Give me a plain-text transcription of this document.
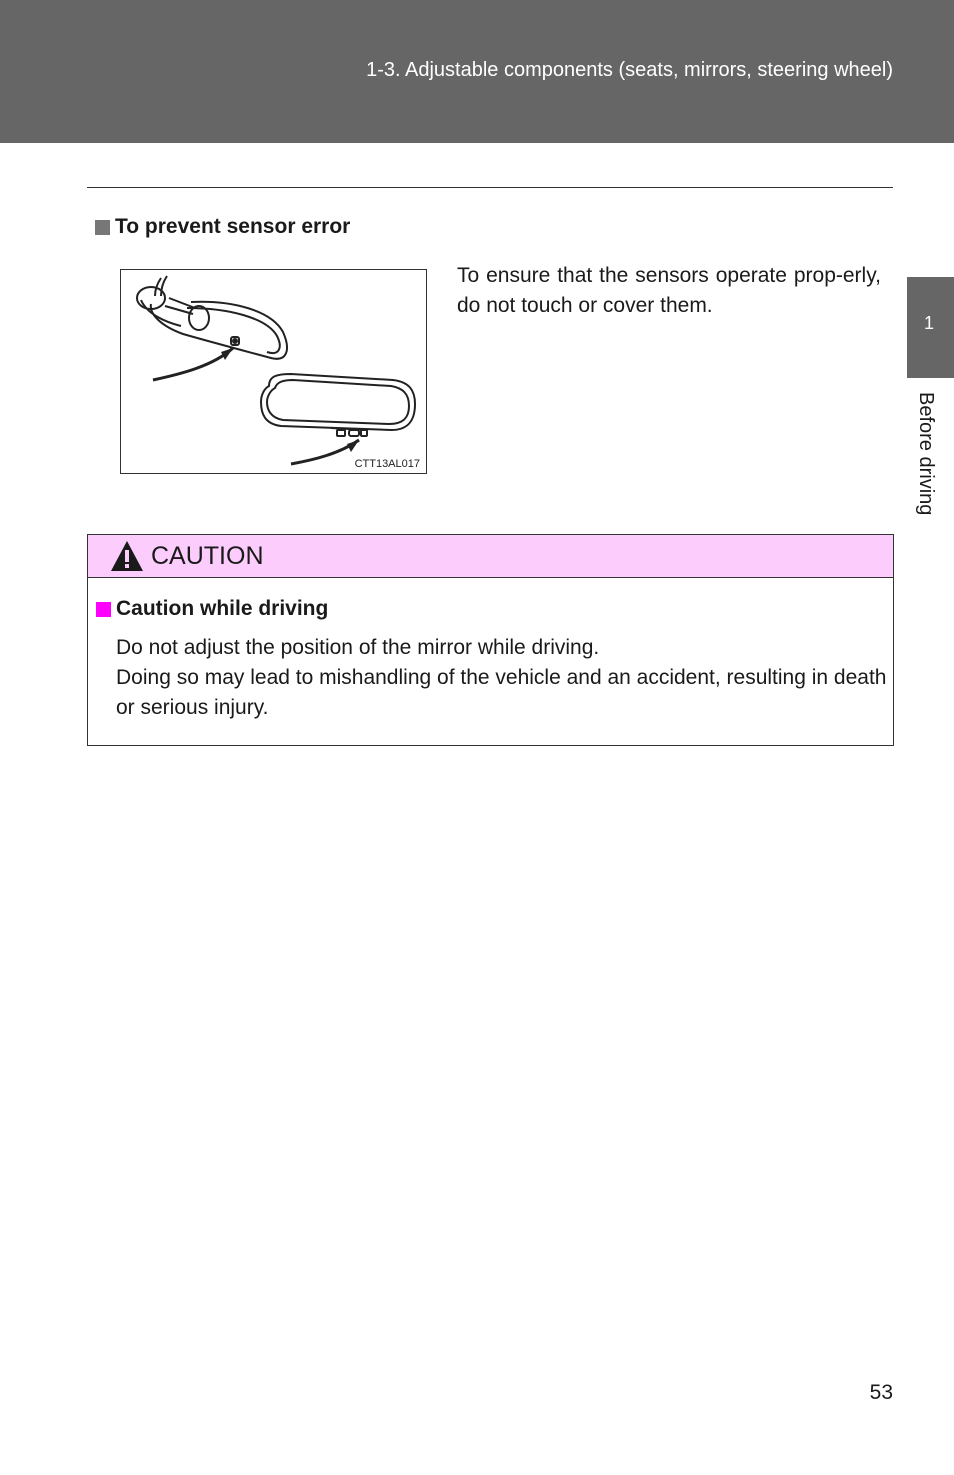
1-3. Adjustable components (seats, mirrors, steering wheel)
1
Before driving
To prevent sensor error
CTT13AL017
To ensure that the sensors operate prop-erly, do not touch or cover them.
CAUTION
Caution while driving

Do not adjust the position of the mirror while driving.

Doing so may lead to mishandling of the vehicle and an accident, resulting in death or serious injury.

53
